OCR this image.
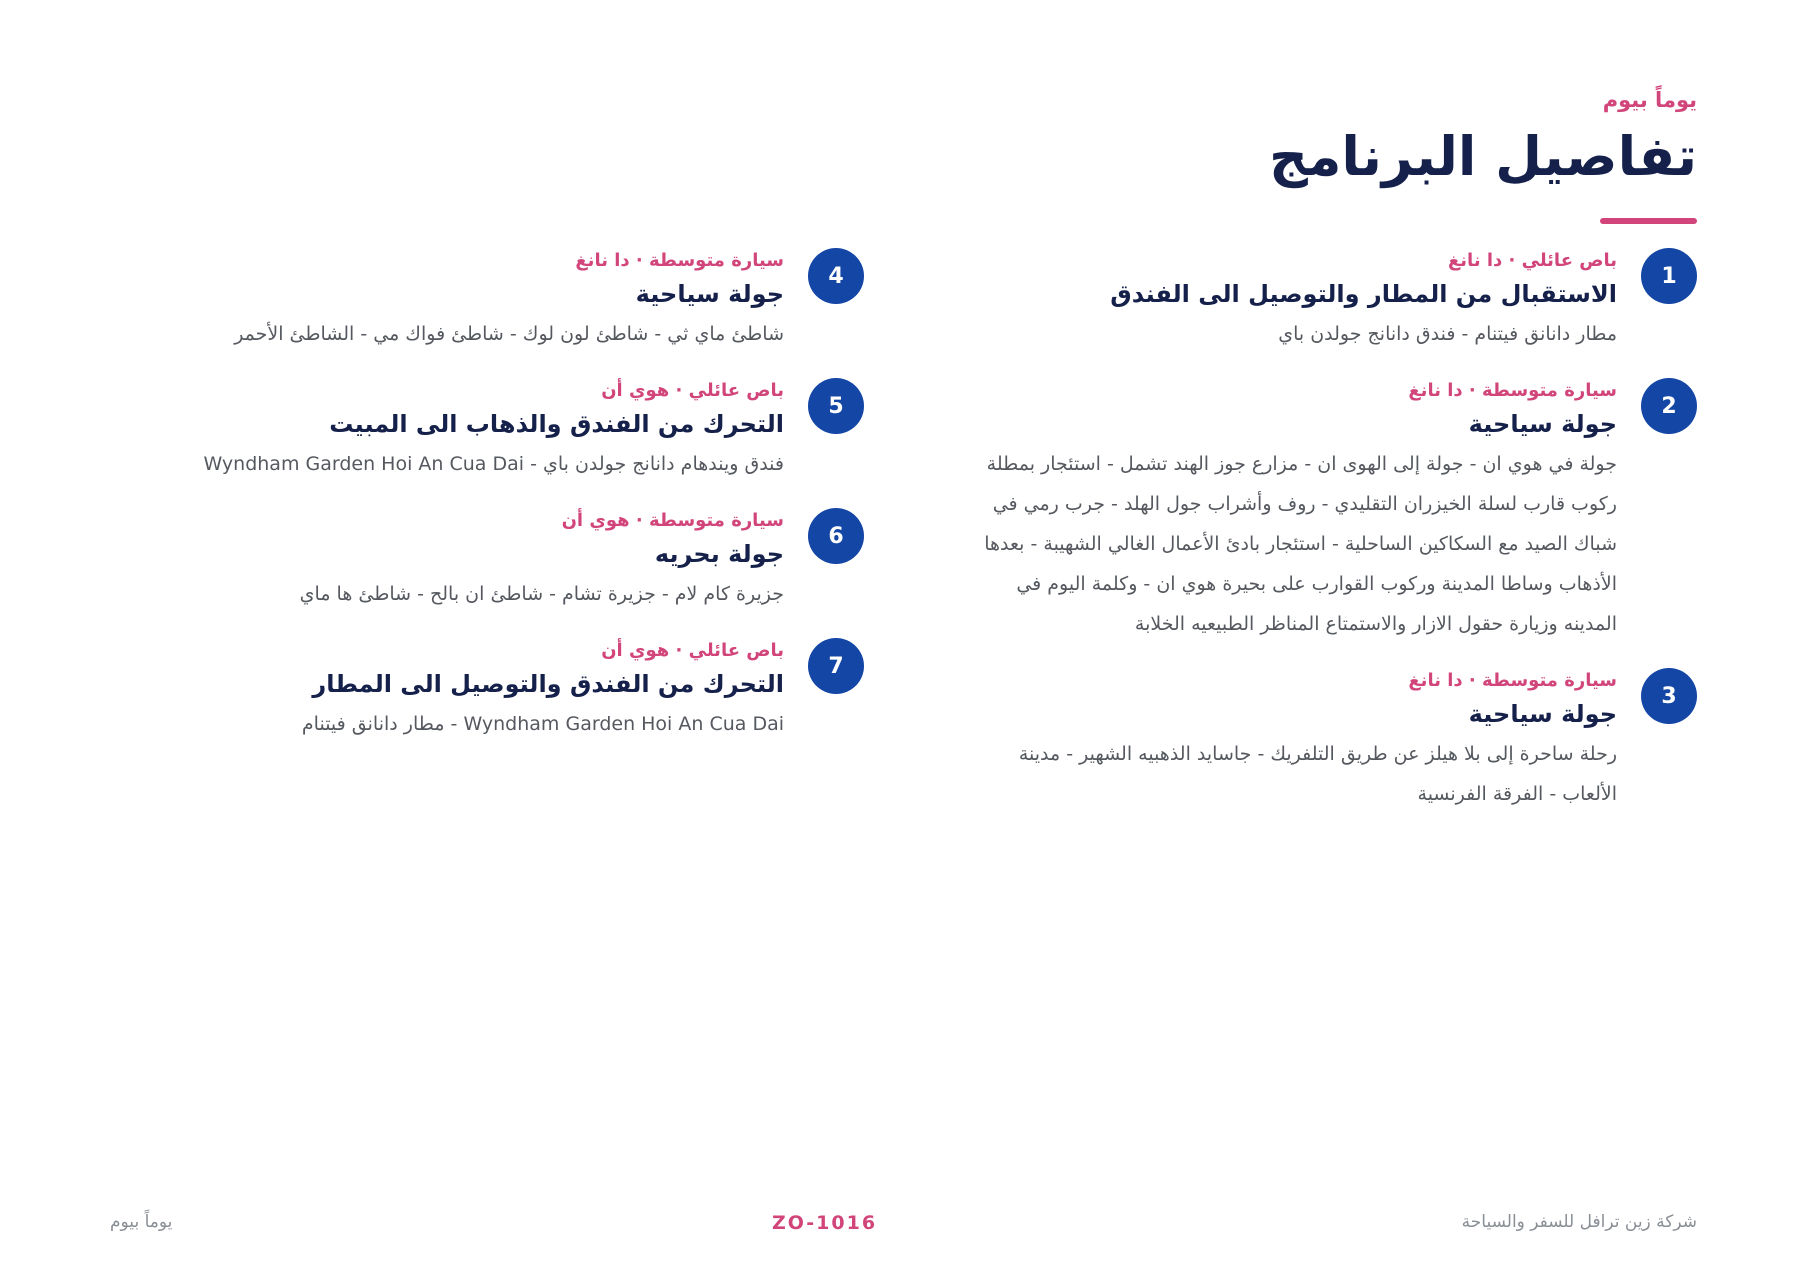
يوماً بيوم
تفاصيل البرنامج
1
باص عائلي · دا نانغ
الاستقبال من المطار والتوصيل الى الفندق
مطار دانانق فيتنام - فندق دانانج جولدن باي
2
سيارة متوسطة · دا نانغ
جولة سياحية
جولة في هوي ان - جولة إلى الهوى ان - مزارع جوز الهند تشمل - استئجار بمطلة ركوب قارب لسلة الخيزران التقليدي - روف وأشراب جول الهلد - جرب رمي في شباك الصيد مع السكاكين الساحلية - استئجار بادئ الأعمال الغالي الشهيبة - بعدها الأذهاب وساطا المدينة وركوب القوارب على بحيرة هوي ان - وكلمة اليوم في المدينه وزيارة حقول الازار والاستمتاع المناظر الطبيعيه الخلابة
3
سيارة متوسطة · دا نانغ
جولة سياحية
رحلة ساحرة إلى بلا هيلز عن طريق التلفريك - جاسايد الذهبيه الشهير - مدينة الألعاب - الفرقة الفرنسية
4
سيارة متوسطة · دا نانغ
جولة سياحية
شاطئ ماي ثي - شاطئ لون لوك - شاطئ فواك مي - الشاطئ الأحمر
5
باص عائلي · هوي أن
التحرك من الفندق والذهاب الى المبيت
فندق ويندهام دانانج جولدن باي - Wyndham Garden Hoi An Cua Dai
6
سيارة متوسطة · هوي أن
جولة بحريه
جزيرة كام لام - جزيرة تشام - شاطئ ان بالح - شاطئ ها ماي
7
باص عائلي · هوي أن
التحرك من الفندق والتوصيل الى المطار
Wyndham Garden Hoi An Cua Dai - مطار دانانق فيتنام
شركة زين ترافل للسفر والسياحة
ZO-1016
يوماً بيوم
